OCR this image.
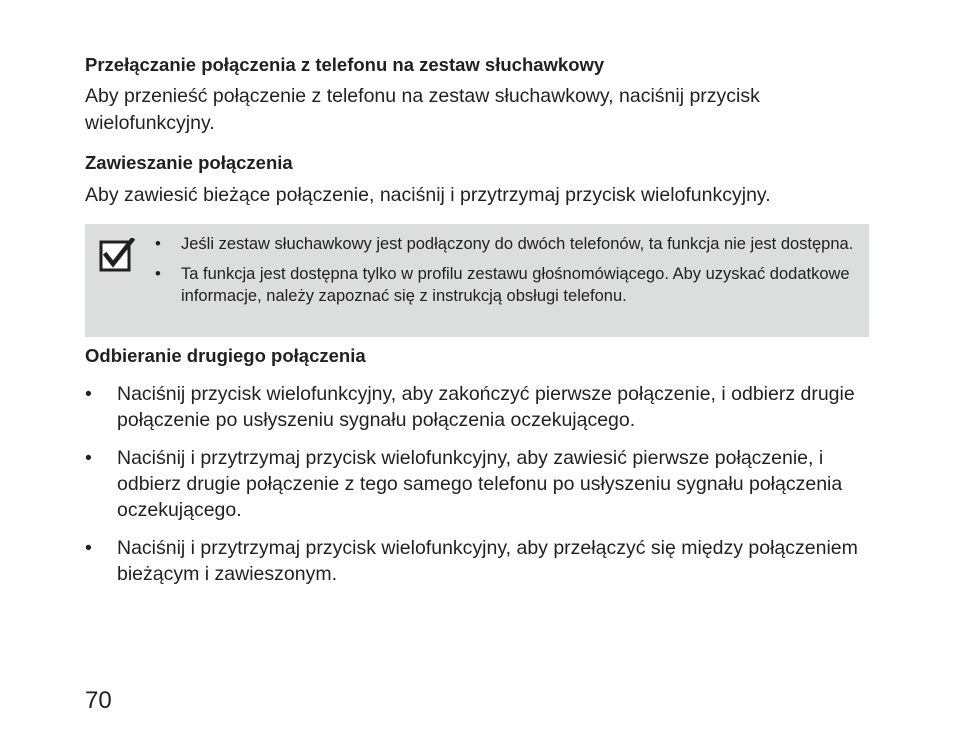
Przełączanie połączenia z telefonu na zestaw słuchawkowy
Aby przenieść połączenie z telefonu na zestaw słuchawkowy, naciśnij przycisk wielofunkcyjny.
Zawieszanie połączenia
Aby zawiesić bieżące połączenie, naciśnij i przytrzymaj przycisk wielofunkcyjny.
• Jeśli zestaw słuchawkowy jest podłączony do dwóch telefonów, ta funkcja nie jest dostępna.
• Ta funkcja jest dostępna tylko w profilu zestawu głośnomówiącego. Aby uzyskać dodatkowe informacje, należy zapoznać się z instrukcją obsługi telefonu.
Odbieranie drugiego połączenia
• Naciśnij przycisk wielofunkcyjny, aby zakończyć pierwsze połączenie, i odbierz drugie połączenie po usłyszeniu sygnału połączenia oczekującego.
• Naciśnij i przytrzymaj przycisk wielofunkcyjny, aby zawiesić pierwsze połączenie, i odbierz drugie połączenie z tego samego telefonu po usłyszeniu sygnału połączenia oczekującego.
• Naciśnij i przytrzymaj przycisk wielofunkcyjny, aby przełączyć się między połączeniem bieżącym i zawieszonym.
70
